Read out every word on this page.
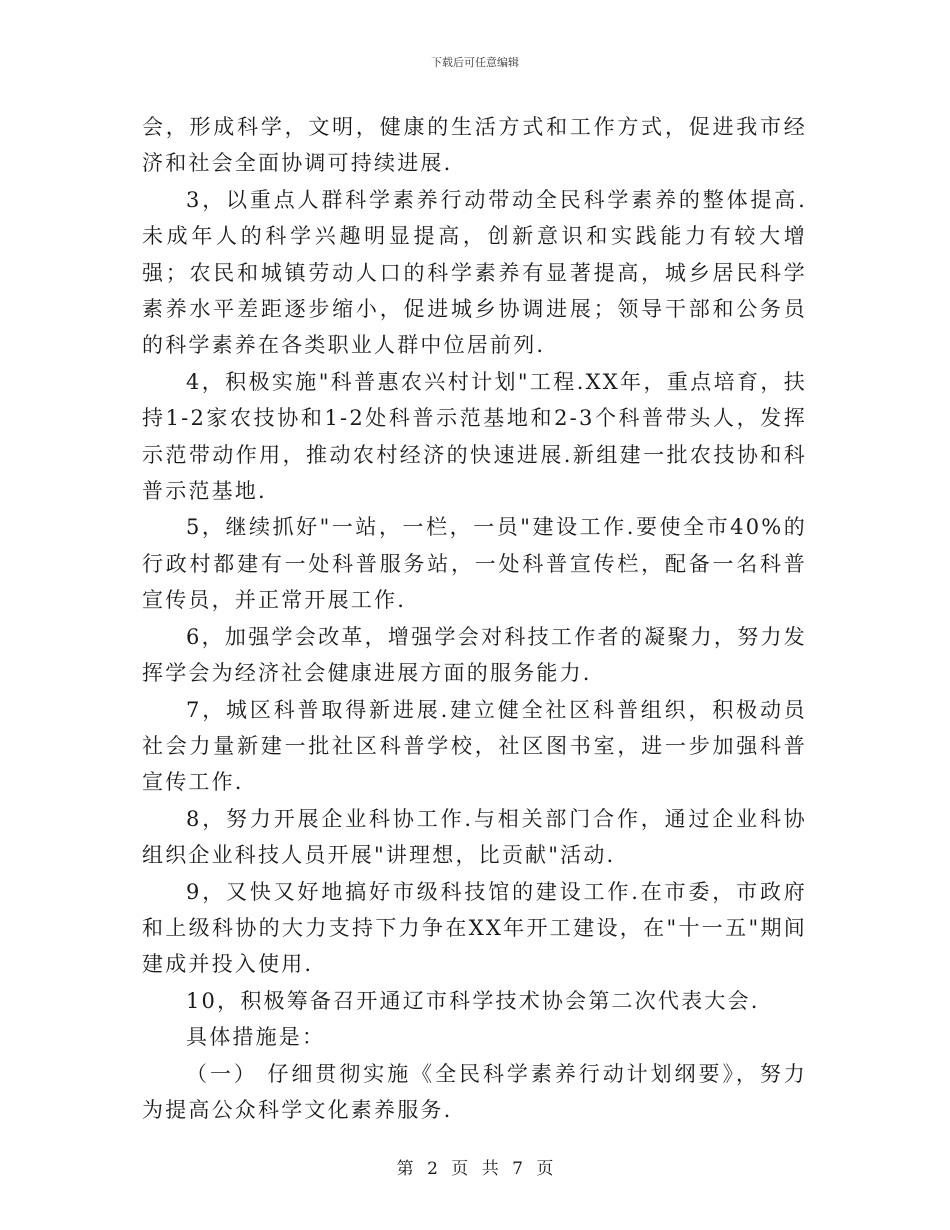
下载后可任意编辑

会，形成科学，文明，健康的生活方式和工作方式，促进我市经济和社会全面协调可持续进展.

3，以重点人群科学素养行动带动全民科学素养的整体提高.未成年人的科学兴趣明显提高，创新意识和实践能力有较大增强；农民和城镇劳动人口的科学素养有显著提高，城乡居民科学素养水平差距逐步缩小，促进城乡协调进展；领导干部和公务员的科学素养在各类职业人群中位居前列.

4，积极实施"科普惠农兴村计划"工程.XX年，重点培育，扶持1-2家农技协和1-2处科普示范基地和2-3个科普带头人，发挥示范带动作用，推动农村经济的快速进展.新组建一批农技协和科普示范基地.

5，继续抓好"一站，一栏，一员"建设工作.要使全市40%的行政村都建有一处科普服务站，一处科普宣传栏，配备一名科普宣传员，并正常开展工作.

6，加强学会改革，增强学会对科技工作者的凝聚力，努力发挥学会为经济社会健康进展方面的服务能力.

7，城区科普取得新进展.建立健全社区科普组织，积极动员社会力量新建一批社区科普学校，社区图书室，进一步加强科普宣传工作.

8，努力开展企业科协工作.与相关部门合作，通过企业科协组织企业科技人员开展"讲理想，比贡献"活动.

9，又快又好地搞好市级科技馆的建设工作.在市委，市政府和上级科协的大力支持下力争在XX年开工建设，在"十一五"期间建成并投入使用.

10，积极筹备召开通辽市科学技术协会第二次代表大会.

具体措施是：

（一） 仔细贯彻实施《全民科学素养行动计划纲要》，努力为提高公众科学文化素养服务.

第 2 页 共 7 页
